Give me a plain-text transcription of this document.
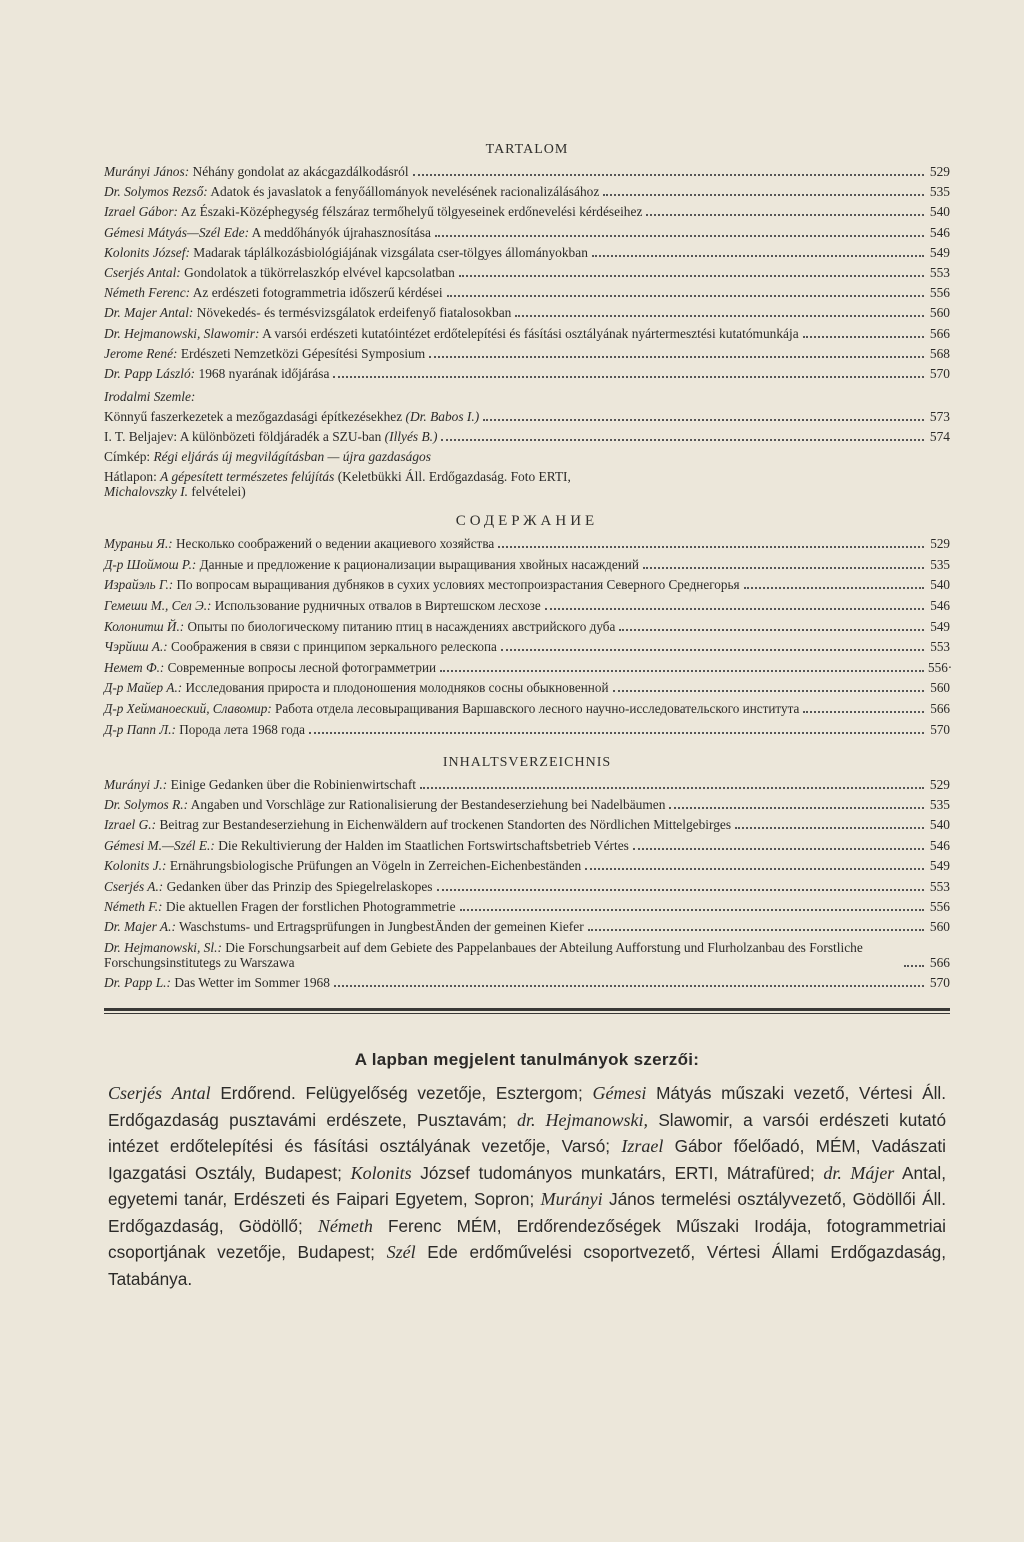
TARTALOM
Murányi János: Néhány gondolat az akácgazdálkodásról	529
Dr. Solymos Rezső: Adatok és javaslatok a fenyőállományok nevelésének racionalizálásához	535
Izrael Gábor: Az Északi-Középhegység félszáraz termőhelyű tölgyeseinek erdőnevelési kérdéseihez	540
Gémesi Mátyás—Szél Ede: A meddőhányók újrahasznosítása	546
Kolonits József: Madarak táplálkozásbiológiájának vizsgálata cser-tölgyes állományokban	549
Cserjés Antal: Gondolatok a tükörrelaszkóp elvével kapcsolatban	553
Németh Ferenc: Az erdészeti fotogrammetria időszerű kérdései	556
Dr. Majer Antal: Növekedés- és termésvizsgálatok erdeifenyő fiatalosokban	560
Dr. Hejmanowski, Slawomir: A varsói erdészeti kutatóintézet erdőtelepítési és fásítási osztályának nyártermesztési kutatómunkája	566
Jerome René: Erdészeti Nemzetközi Gépesítési Symposium	568
Dr. Papp László: 1968 nyarának időjárása	570
Irodalmi Szemle:
Könnyű faszerkezetek a mezőgazdasági építkezésekhez (Dr. Babos I.)	573
I. T. Beljajev: A különbözeti földjáradék a SZU-ban (Illyés B.)	574
Címkép: Régi eljárás új megvilágításban — újra gazdaságos
Hátlapon: A gépesített természetes felújítás (Keletbükki Áll. Erdőgazdaság. Foto ERTI,
Michalovszky I. felvételei)
СОДЕРЖАНИЕ
Мураньи Я.: Несколько соображений о ведении акациевого хозяйства	529
Д-р Шоймош Р.: Данные и предложение к рационализации выращивания хвойных насаждений	535
Израйэль Г.: По вопросам выращивания дубняков в сухих условиях местопроизрастания Северного Среднегорья	540
Гемеши М., Сел Э.: Использование рудничных отвалов в Виртешском лесхозе	546
Колонитш Й.: Опыты по биологическому питанию птиц в насаждениях австрийского дуба	549
Чэрйиш А.: Соображения в связи с принципом зеркального релескопа	553
Немет Ф.: Современные вопросы лесной фотограмметрии	556·
Д-р Майер А.: Исследования прироста и плодоношения молодняков сосны обыкновенной	560
Д-р Хейманоеский, Славомир: Работа отдела лесовыращивания Варшавского лесного научно-исследовательского института	566
Д-р Папп Л.: Порода лета 1968 года	570
INHALTSVERZEICHNIS
Murányi J.: Einige Gedanken über die Robinienwirtschaft	529
Dr. Solymos R.: Angaben und Vorschläge zur Rationalisierung der Bestandeserziehung bei Nadelbäumen	535
Izrael G.: Beitrag zur Bestandeserziehung in Eichenwäldern auf trockenen Standorten des Nördlichen Mittelgebirges	540
Gémesi M.—Szél E.: Die Rekultivierung der Halden im Staatlichen Fortswirtschaftsbetrieb Vértes	546
Kolonits J.: Ernährungsbiologische Prüfungen an Vögeln in Zerreichen-Eichenbeständen	549
Cserjés A.: Gedanken über das Prinzip des Spiegelrelaskopes	553
Németh F.: Die aktuellen Fragen der forstlichen Photogrammetrie	556
Dr. Majer A.: Waschstums- und Ertragsprüfungen in JungbestÄnden der gemeinen Kiefer	560
Dr. Hejmanowski, Sl.: Die Forschungsarbeit auf dem Gebiete des Pappelanbaues der Abteilung Aufforstung und Flurholzanbau des Forstliche Forschungsinstitutegs zu Warszawa	566
Dr. Papp L.: Das Wetter im Sommer 1968	570
A lapban megjelent tanulmányok szerzői:

Cserjés Antal Erdőrend. Felügyelőség vezetője, Esztergom; Gémesi Mátyás műszaki vezető, Vértesi Áll. Erdőgazdaság pusztavámi erdészete, Pusztavám; dr. Hejmanowski, Slawomir, a varsói erdészeti kutató intézet erdőtelepítési és fásítási osztályának vezetője, Varsó; Izrael Gábor főelőadó, MÉM, Vadászati Igazgatási Osztály, Budapest; Kolonits József tudományos munkatárs, ERTI, Mátrafüred; dr. Májer Antal, egyetemi tanár, Erdészeti és Faipari Egyetem, Sopron; Murányi János termelési osztályvezető, Gödöllői Áll. Erdőgazdaság, Gödöllő; Németh Ferenc MÉM, Erdőrendezőségek Műszaki Irodája, fotogrammetriai csoportjának vezetője, Budapest; Szél Ede erdőművelési csoportvezető, Vértesi Állami Erdőgazdaság, Tatabánya.
